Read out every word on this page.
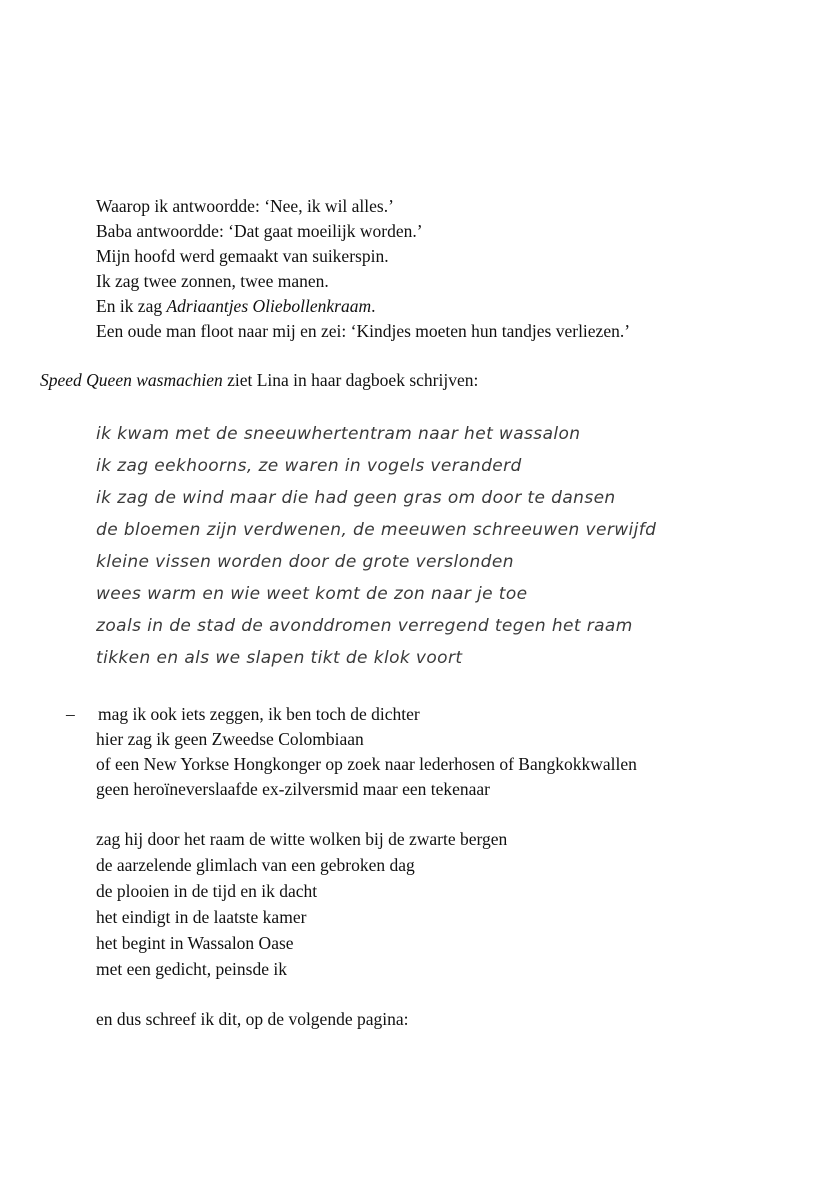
Waarop ik antwoordde: ‘Nee, ik wil alles.’
Baba antwoordde: ‘Dat gaat moeilijk worden.’
Mijn hoofd werd gemaakt van suikerspin.
Ik zag twee zonnen, twee manen.
En ik zag Adriaantjes Oliebollenkraam.
Een oude man floot naar mij en zei: ‘Kindjes moeten hun tandjes verliezen.’
Speed Queen wasmachien ziet Lina in haar dagboek schrijven:
ik kwam met de sneeuwhertentram naar het wassalon
ik zag eekhoorns, ze waren in vogels veranderd
ik zag de wind maar die had geen gras om door te dansen
de bloemen zijn verdwenen, de meeuwen schreeuwen verwijfd
kleine vissen worden door de grote verslonden
wees warm en wie weet komt de zon naar je toe
zoals in de stad de avonddromen verregend tegen het raam
tikken en als we slapen tikt de klok voort
– mag ik ook iets zeggen, ik ben toch de dichter
hier zag ik geen Zweedse Colombiaan
of een New Yorkse Hongkonger op zoek naar lederhosen of Bangkokkwallen
geen heroïneverslaafde ex-zilversmid maar een tekenaar
zag hij door het raam de witte wolken bij de zwarte bergen
de aarzelende glimlach van een gebroken dag
de plooien in de tijd en ik dacht
het eindigt in de laatste kamer
het begint in Wassalon Oase
met een gedicht, peinsde ik
en dus schreef ik dit, op de volgende pagina:
